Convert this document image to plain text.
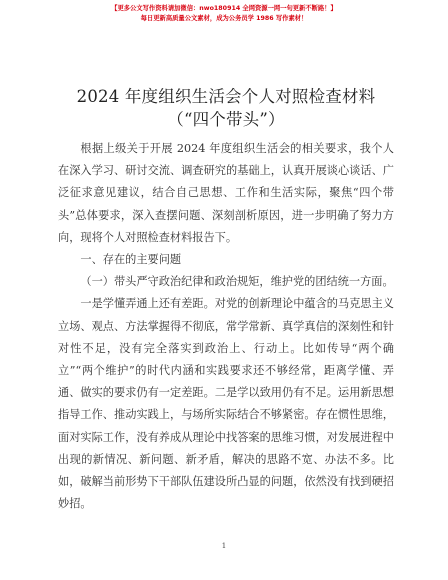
【更多公文写作资料请加微信：nwo180914 全网资源一网一句更新不断路！】
每日更新高质量公文素材，成为公务员学 1986 写作素材！
2024 年度组织生活会个人对照检查材料（“四个带头”）

根据上级关于开展 2024 年度组织生活会的相关要求，我个人在深入学习、研讨交流、调查研究的基础上，认真开展谈心谈话、广泛征求意见建议，结合自己思想、工作和生活实际，聚焦“四个带头”总体要求，深入查摆问题、深刻剖析原因，进一步明确了努力方向，现将个人对照检查材料报告下。

一、存在的主要问题

（一）带头严守政治纪律和政治规矩，维护党的团结统一方面。

一是学懂弄通上还有差距。对党的创新理论中蕴含的马克思主义立场、观点、方法掌握得不彻底，常学常新、真学真信的深刻性和针对性不足，没有完全落实到政治上、行动上。比如传导“两个确立”“两个维护”的时代内涵和实践要求还不够经常，距离学懂、弄通、做实的要求仍有一定差距。二是学以致用仍有不足。运用新思想指导工作、推动实践上，与场所实际结合不够紧密。存在惯性思维，面对实际工作，没有养成从理论中找答案的思维习惯，对发展进程中出现的新情况、新问题、新矛盾，解决的思路不宽、办法不多。比如，破解当前形势下干部队伍建设所凸显的问题，依然没有找到硬招妙招。

1
